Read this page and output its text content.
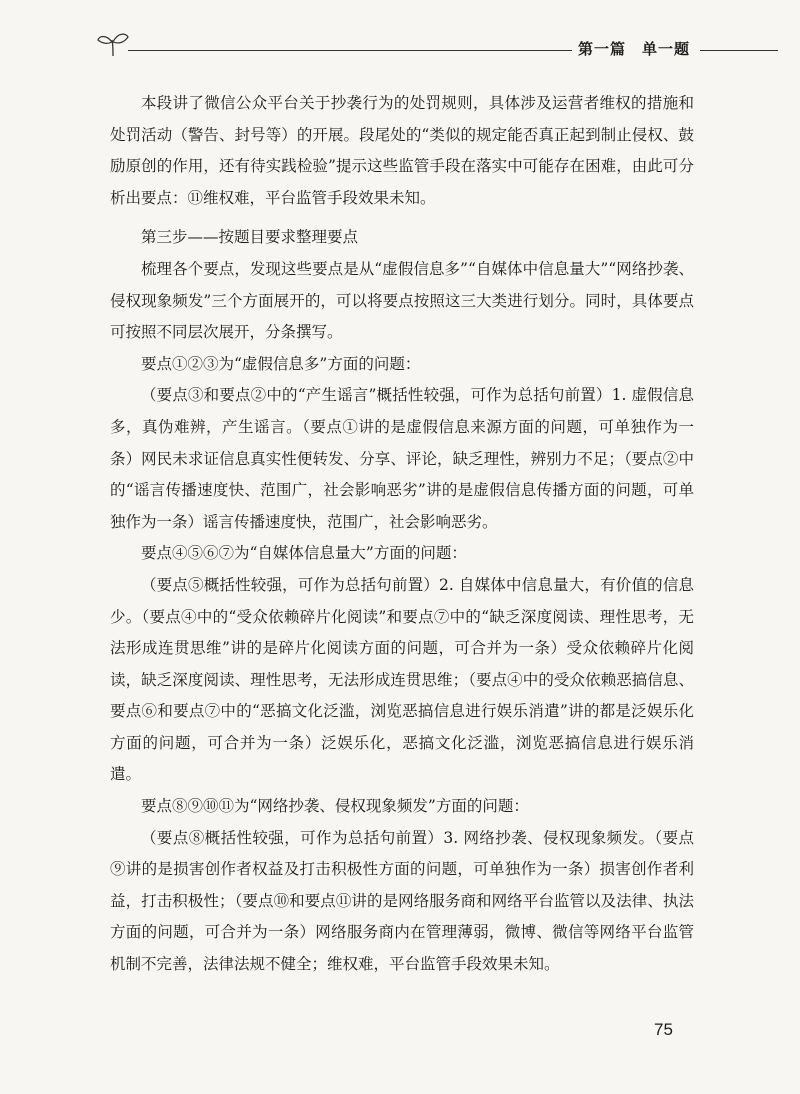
第一篇　单一题

本段讲了微信公众平台关于抄袭行为的处罚规则，具体涉及运营者维权的措施和处罚活动（警告、封号等）的开展。段尾处的“类似的规定能否真正起到制止侵权、鼓励原创的作用，还有待实践检验”提示这些监管手段在落实中可能存在困难，由此可分析出要点：⑪维权难，平台监管手段效果未知。

第三步——按题目要求整理要点

梳理各个要点，发现这些要点是从“虚假信息多”“自媒体中信息量大”“网络抄袭、侵权现象频发”三个方面展开的，可以将要点按照这三大类进行划分。同时，具体要点可按照不同层次展开，分条撰写。

要点①②③为“虚假信息多”方面的问题：

（要点③和要点②中的“产生谣言”概括性较强，可作为总括句前置）1. 虚假信息多，真伪难辨，产生谣言。（要点①讲的是虚假信息来源方面的问题，可单独作为一条）网民未求证信息真实性便转发、分享、评论，缺乏理性，辨别力不足；（要点②中的“谣言传播速度快、范围广，社会影响恶劣”讲的是虚假信息传播方面的问题，可单独作为一条）谣言传播速度快，范围广，社会影响恶劣。

要点④⑤⑥⑦为“自媒体信息量大”方面的问题：

（要点⑤概括性较强，可作为总括句前置）2. 自媒体中信息量大，有价值的信息少。（要点④中的“受众依赖碎片化阅读”和要点⑦中的“缺乏深度阅读、理性思考，无法形成连贯思维”讲的是碎片化阅读方面的问题，可合并为一条）受众依赖碎片化阅读，缺乏深度阅读、理性思考，无法形成连贯思维；（要点④中的受众依赖恶搞信息、要点⑥和要点⑦中的“恶搞文化泛滥，浏览恶搞信息进行娱乐消遣”讲的都是泛娱乐化方面的问题，可合并为一条）泛娱乐化，恶搞文化泛滥，浏览恶搞信息进行娱乐消遣。

要点⑧⑨⑩⑪为“网络抄袭、侵权现象频发”方面的问题：

（要点⑧概括性较强，可作为总括句前置）3. 网络抄袭、侵权现象频发。（要点⑨讲的是损害创作者权益及打击积极性方面的问题，可单独作为一条）损害创作者利益，打击积极性；（要点⑩和要点⑪讲的是网络服务商和网络平台监管以及法律、执法方面的问题，可合并为一条）网络服务商内在管理薄弱，微博、微信等网络平台监管机制不完善，法律法规不健全；维权难，平台监管手段效果未知。

75
